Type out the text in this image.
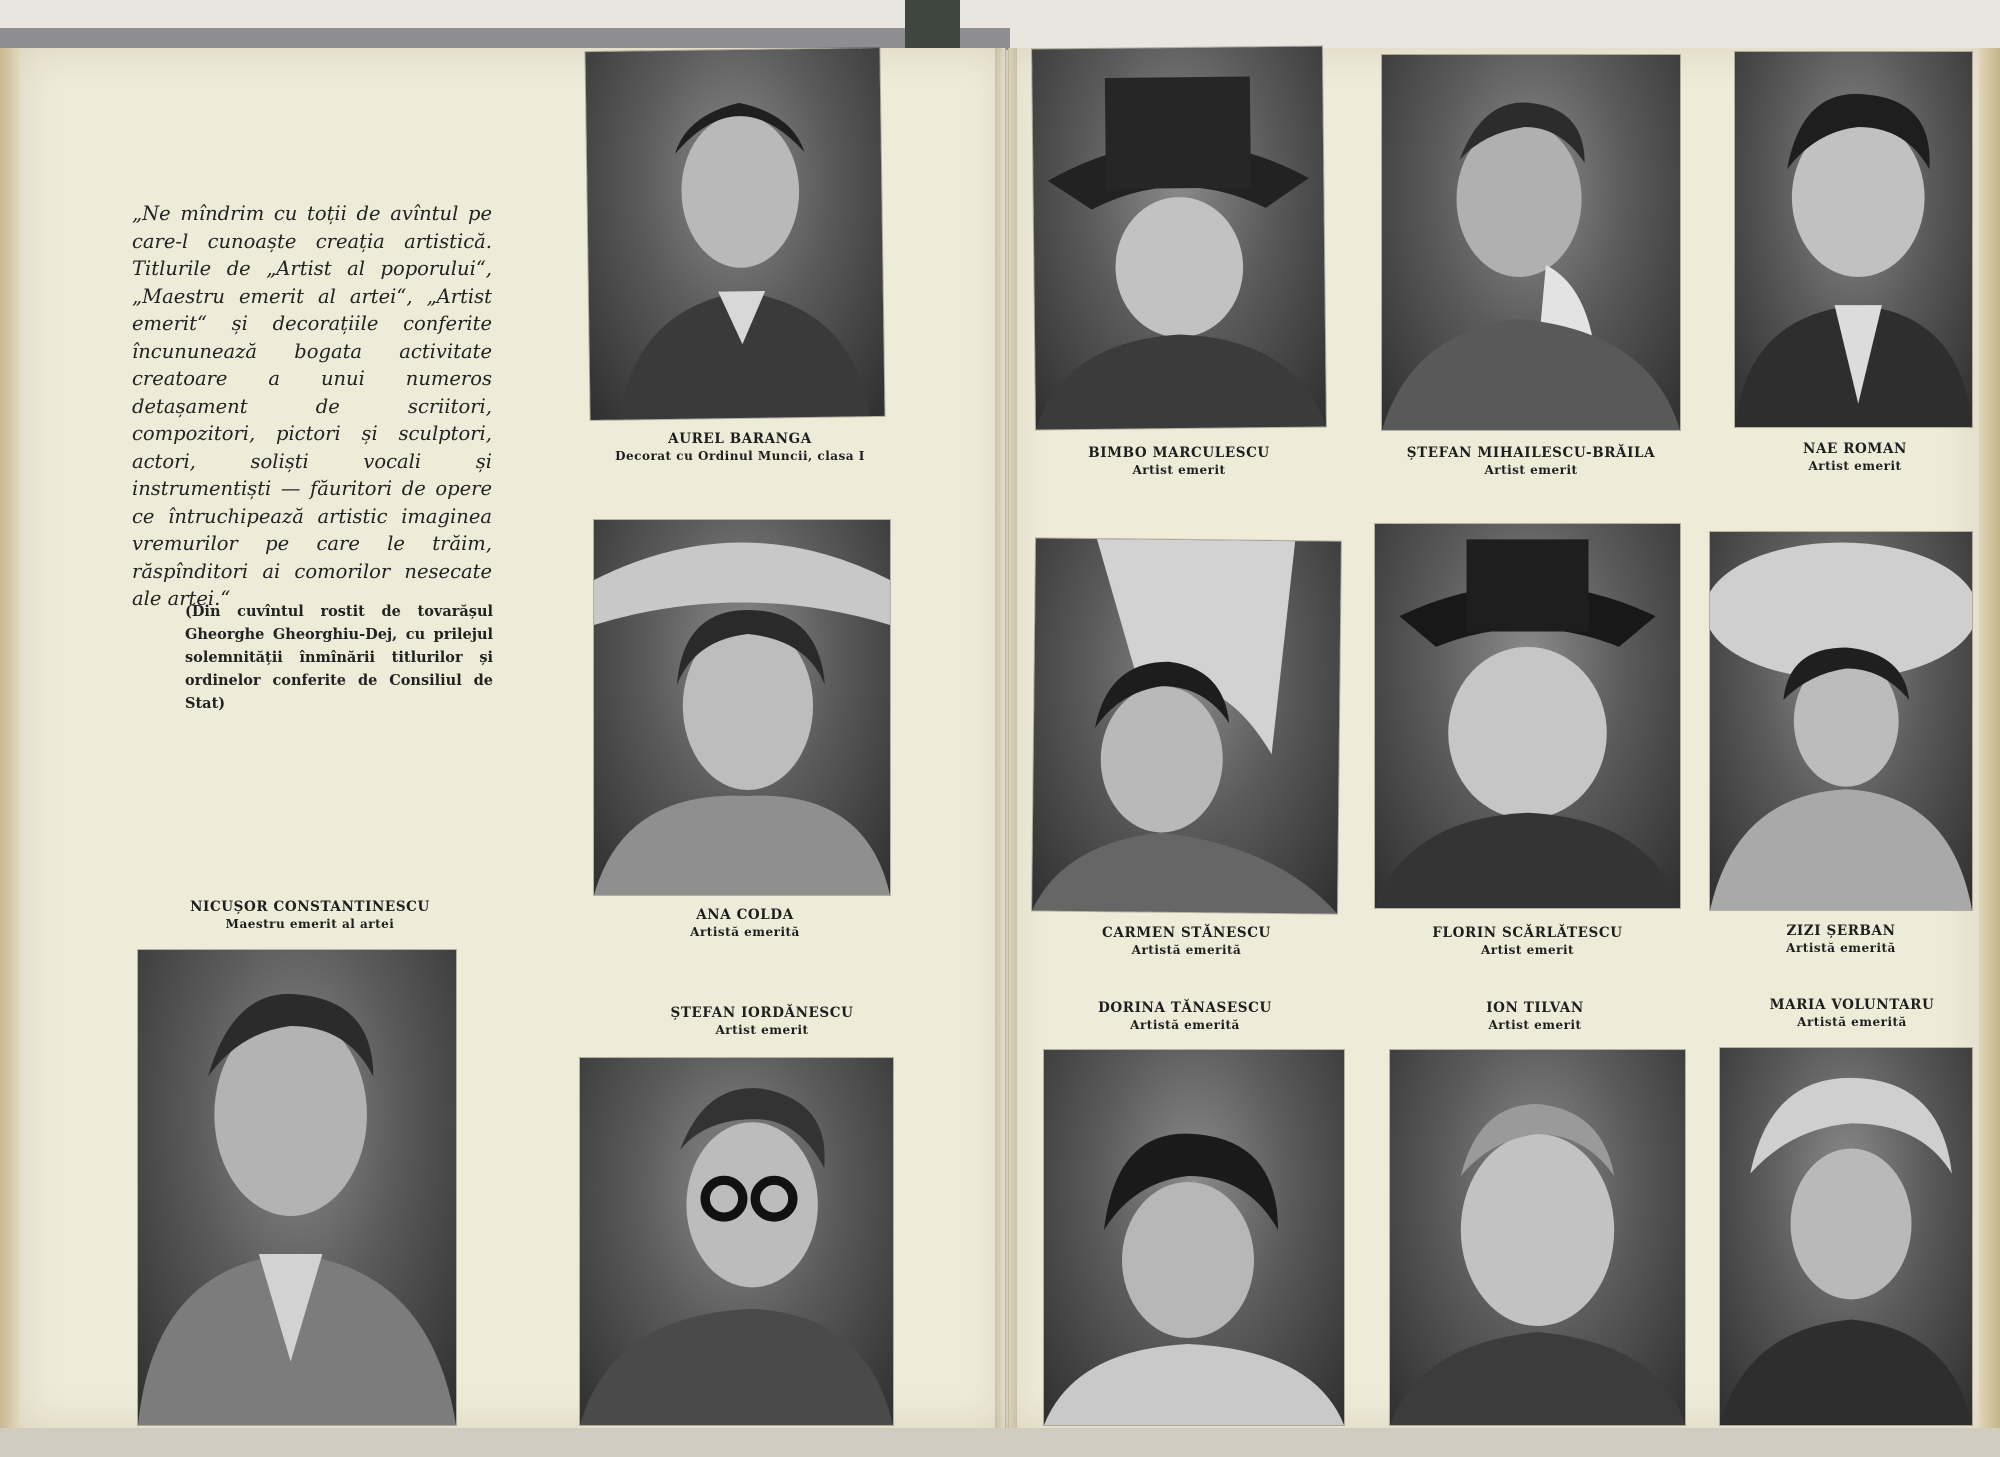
„Ne mîndrim cu toții de avîntul pe care-l cunoaște creația artistică. Titlurile de „Artist al poporului“, „Maestru emerit al artei“, „Artist emerit“ și decorațiile conferite încununează bogata activitate creatoare a unui numeros detașament de scriitori, compozitori, pictori și sculptori, actori, soliști vocali și instrumentiști — făuritori de opere ce întruchipează artistic imaginea vremurilor pe care le trăim, răspînditori ai comorilor nesecate ale artei.“
(Din cuvîntul rostit de tovarășul Gheorghe Gheorghiu-Dej, cu prilejul solemnității înmînării titlurilor și ordinelor conferite de Consiliul de Stat)
AUREL BARANGA
Decorat cu Ordinul Muncii, clasa I
ANA COLDA
Artistă emerită
NICUȘOR CONSTANTINESCU
Maestru emerit al artei
ȘTEFAN IORDĂNESCU
Artist emerit
BIMBO MARCULESCU
Artist emerit
ȘTEFAN MIHAILESCU-BRĂILA
Artist emerit
NAE ROMAN
Artist emerit
CARMEN STĂNESCU
Artistă emerită
FLORIN SCĂRLĂTESCU
Artist emerit
ZIZI ȘERBAN
Artistă emerită
DORINA TĂNASESCU
Artistă emerită
ION TILVAN
Artist emerit
MARIA VOLUNTARU
Artistă emerită
